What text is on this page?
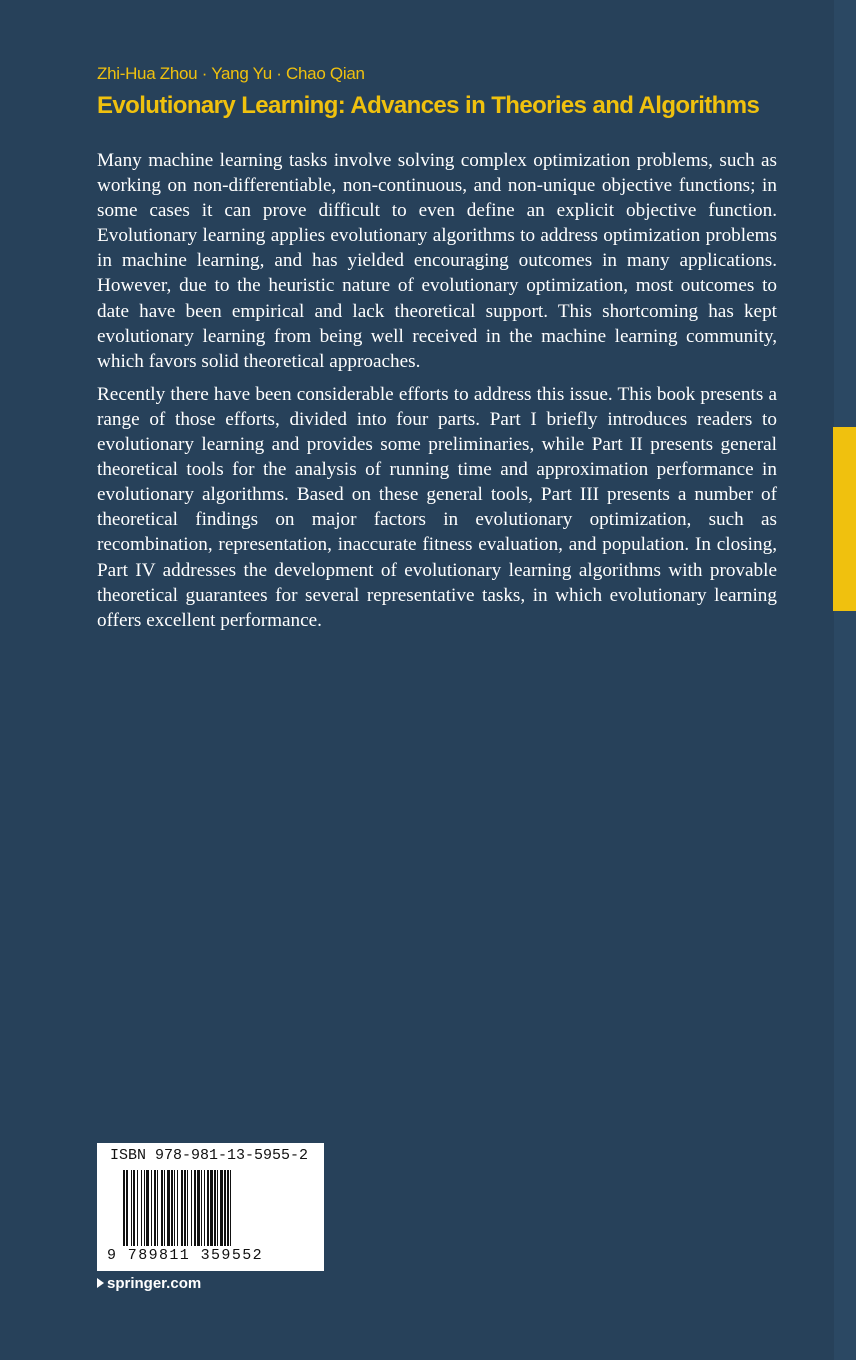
Zhi-Hua Zhou · Yang Yu · Chao Qian
Evolutionary Learning: Advances in Theories and Algorithms

Many machine learning tasks involve solving complex optimization problems, such as working on non-differentiable, non-continuous, and non-unique objective functions; in some cases it can prove difficult to even define an explicit objective function. Evolutionary learning applies evolutionary algorithms to address optimization problems in machine learning, and has yielded encouraging outcomes in many applications. However, due to the heuristic nature of evolutionary optimization, most outcomes to date have been empirical and lack theoretical support. This shortcoming has kept evolutionary learning from being well received in the machine learning community, which favors solid theoretical approaches.

Recently there have been considerable efforts to address this issue. This book presents a range of those efforts, divided into four parts. Part I briefly introduces readers to evolutionary learning and provides some preliminaries, while Part II presents general theoretical tools for the analysis of running time and approximation performance in evolutionary algorithms. Based on these general tools, Part III presents a number of theoretical findings on major factors in evolutionary optimization, such as recombination, representation, inaccurate fitness evaluation, and population. In closing, Part IV addresses the development of evolutionary learning algorithms with provable theoretical guarantees for several representative tasks, in which evolutionary learning offers excellent performance.

ISBN 978-981-13-5955-2
9 789811 359552
springer.com
